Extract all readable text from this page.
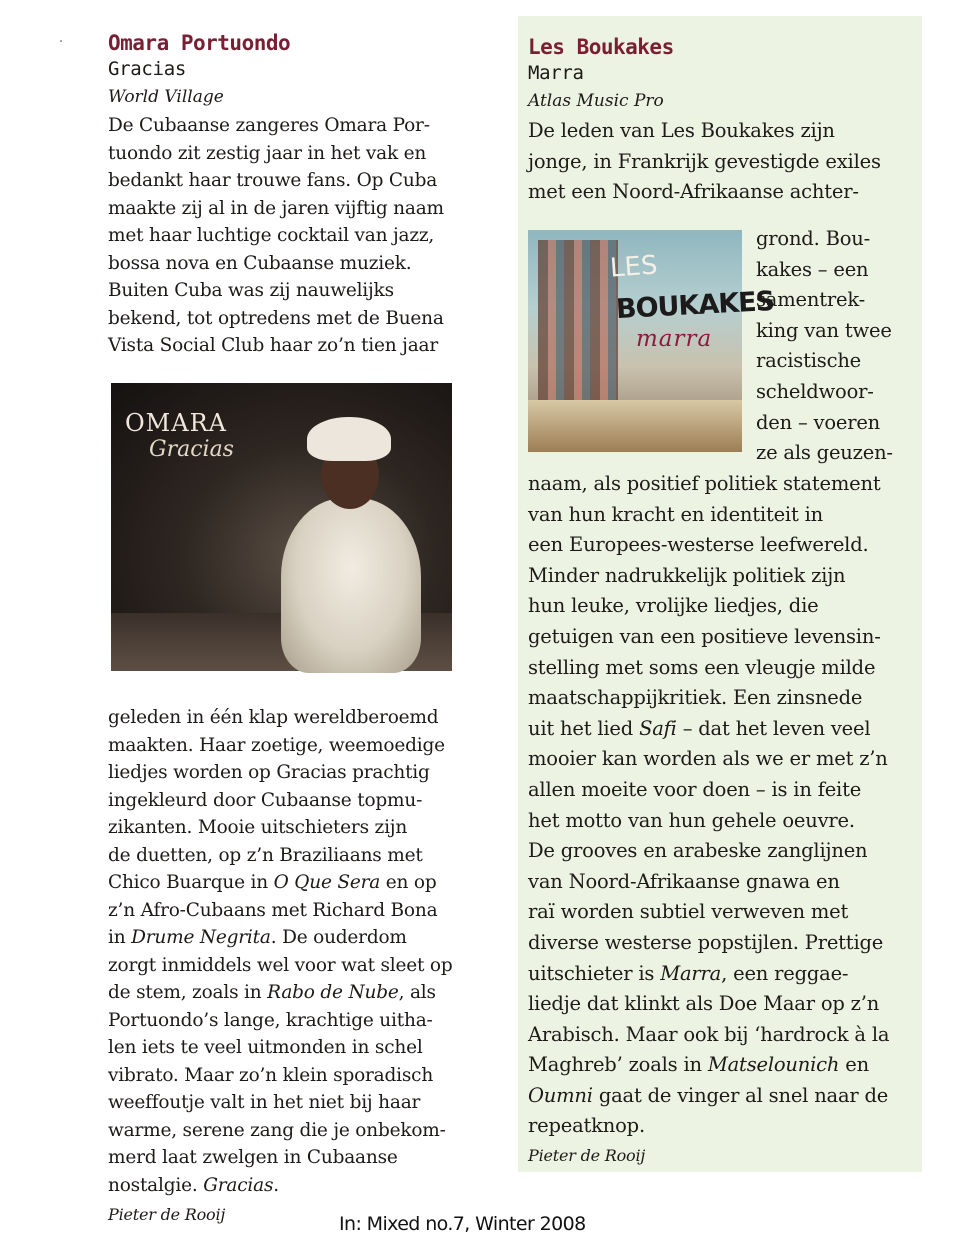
Omara Portuondo
Gracias
World Village
De Cubaanse zangeres Omara Por-
tuondo zit zestig jaar in het vak en
bedankt haar trouwe fans. Op Cuba
maakte zij al in de jaren vijftig naam
met haar luchtige cocktail van jazz,
bossa nova en Cubaanse muziek.
Buiten Cuba was zij nauwelijks
bekend, tot optredens met de Buena
Vista Social Club haar zo’n tien jaar
OMARA
Gracias
geleden in één klap wereldberoemd
maakten. Haar zoetige, weemoedige
liedjes worden op Gracias prachtig
ingekleurd door Cubaanse topmu-
zikanten. Mooie uitschieters zijn
de duetten, op z’n Braziliaans met
Chico Buarque in O Que Sera en op
z’n Afro-Cubaans met Richard Bona
in Drume Negrita. De ouderdom
zorgt inmiddels wel voor wat sleet op
de stem, zoals in Rabo de Nube, als
Portuondo’s lange, krachtige uitha-
len iets te veel uitmonden in schel
vibrato. Maar zo’n klein sporadisch
weeffoutje valt in het niet bij haar
warme, serene zang die je onbekom-
merd laat zwelgen in Cubaanse
nostalgie. Gracias.
Pieter de Rooij
Les Boukakes
Marra
Atlas Music Pro
De leden van Les Boukakes zijn
jonge, in Frankrijk gevestigde exiles
met een Noord-Afrikaanse achter-
LES
BOUKAKES
marra
grond. Bou-
kakes – een
samentrek-
king van twee
racistische
scheldwoor-
den – voeren
ze als geuzen-
naam, als positief politiek statement
van hun kracht en identiteit in
een Europees-westerse leefwereld.
Minder nadrukkelijk politiek zijn
hun leuke, vrolijke liedjes, die
getuigen van een positieve levensin-
stelling met soms een vleugje milde
maatschappijkritiek. Een zinsnede
uit het lied Safi – dat het leven veel
mooier kan worden als we er met z’n
allen moeite voor doen – is in feite
het motto van hun gehele oeuvre.
De grooves en arabeske zanglijnen
van Noord-Afrikaanse gnawa en
raï worden subtiel verweven met
diverse westerse popstijlen. Prettige
uitschieter is Marra, een reggae-
liedje dat klinkt als Doe Maar op z’n
Arabisch. Maar ook bij ‘hardrock à la
Maghreb’ zoals in Matselounich en
Oumni gaat de vinger al snel naar de
repeatknop.
Pieter de Rooij
In: Mixed no.7, Winter 2008
